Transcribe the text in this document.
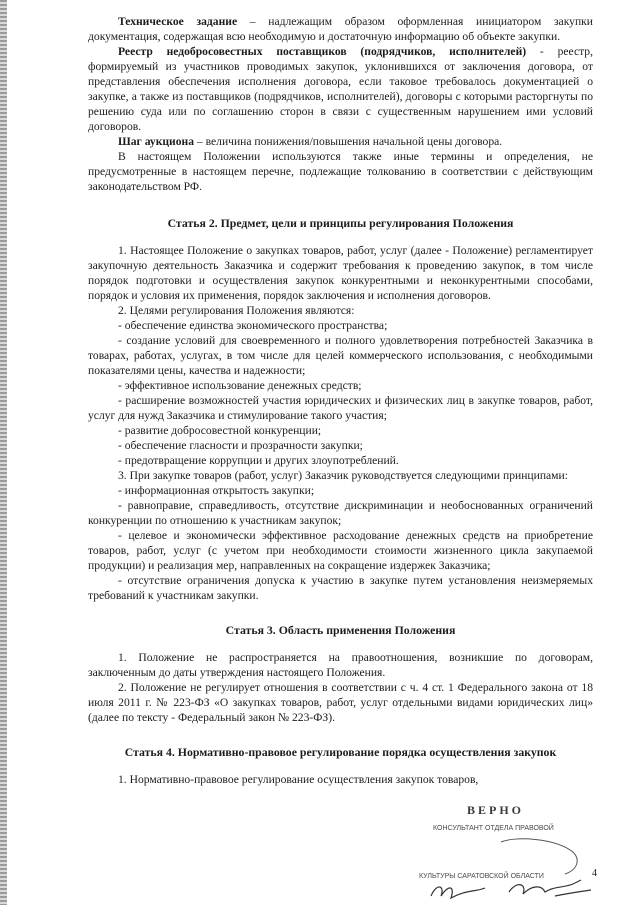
Техническое задание – надлежащим образом оформленная инициатором закупки документация, содержащая всю необходимую и достаточную информацию об объекте закупки.

Реестр недобросовестных поставщиков (подрядчиков, исполнителей) - реестр, формируемый из участников проводимых закупок, уклонившихся от заключения договора, от представления обеспечения исполнения договора, если таковое требовалось документацией о закупке, а также из поставщиков (подрядчиков, исполнителей), договоры с которыми расторгнуты по решению суда или по соглашению сторон в связи с существенным нарушением ими условий договоров.

Шаг аукциона – величина понижения/повышения начальной цены договора.

В настоящем Положении используются также иные термины и определения, не предусмотренные в настоящем перечне, подлежащие толкованию в соответствии с действующим законодательством РФ.

Статья 2. Предмет, цели и принципы регулирования Положения

1. Настоящее Положение о закупках товаров, работ, услуг (далее - Положение) регламентирует закупочную деятельность Заказчика и содержит требования к проведению закупок, в том числе порядок подготовки и осуществления закупок конкурентными и неконкурентными способами, порядок и условия их применения, порядок заключения и исполнения договоров.

2. Целями регулирования Положения являются:

- обеспечение единства экономического пространства;

- создание условий для своевременного и полного удовлетворения потребностей Заказчика в товарах, работах, услугах, в том числе для целей коммерческого использования, с необходимыми показателями цены, качества и надежности;

- эффективное использование денежных средств;

- расширение возможностей участия юридических и физических лиц в закупке товаров, работ, услуг для нужд Заказчика и стимулирование такого участия;

- развитие добросовестной конкуренции;

- обеспечение гласности и прозрачности закупки;

- предотвращение коррупции и других злоупотреблений.

3. При закупке товаров (работ, услуг) Заказчик руководствуется следующими принципами:

- информационная открытость закупки;

- равноправие, справедливость, отсутствие дискриминации и необоснованных ограничений конкуренции по отношению к участникам закупок;

- целевое и экономически эффективное расходование денежных средств на приобретение товаров, работ, услуг (с учетом при необходимости стоимости жизненного цикла закупаемой продукции) и реализация мер, направленных на сокращение издержек Заказчика;

- отсутствие ограничения допуска к участию в закупке путем установления неизмеряемых требований к участникам закупки.

Статья 3. Область применения Положения

1. Положение не распространяется на правоотношения, возникшие по договорам, заключенным до даты утверждения настоящего Положения.

2. Положение не регулирует отношения в соответствии с ч. 4 ст. 1 Федерального закона от 18 июля 2011 г. № 223-ФЗ «О закупках товаров, работ, услуг отдельными видами юридических лиц» (далее по тексту - Федеральный закон № 223-ФЗ).

Статья 4. Нормативно-правовое регулирование порядка осуществления закупок

1. Нормативно-правовое регулирование осуществления закупок товаров,

ВЕРНО
КОНСУЛЬТАНТ ОТДЕЛА ПРАВОВОЙ
КУЛЬТУРЫ САРАТОВСКОЙ ОБЛАСТИ	4
